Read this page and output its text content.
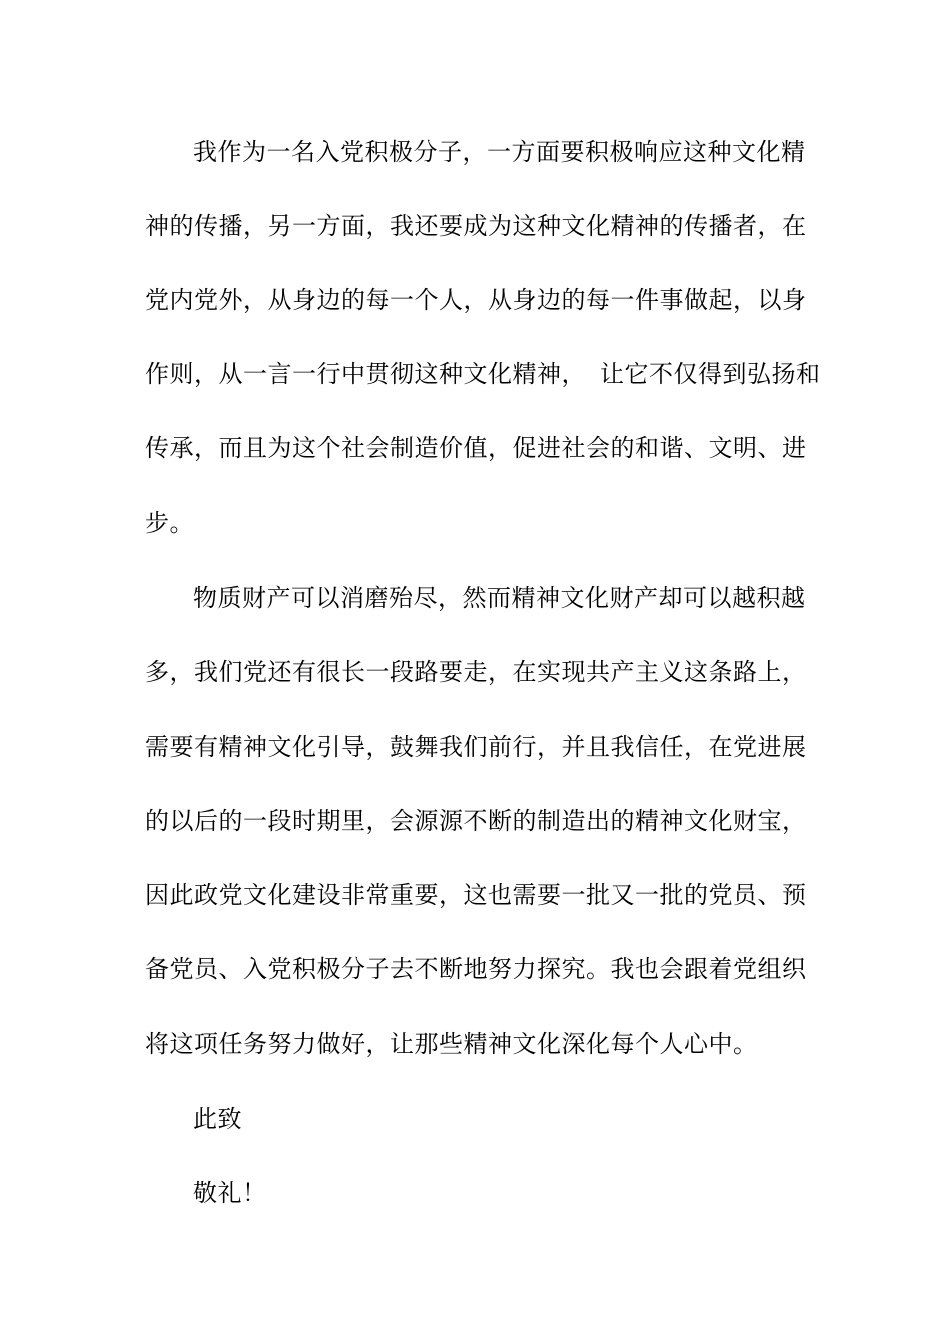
我作为一名入党积极分子，一方面要积极响应这种文化精
神的传播，另一方面，我还要成为这种文化精神的传播者，在
党内党外，从身边的每一个人，从身边的每一件事做起，以身
作则，从一言一行中贯彻这种文化精神， 让它不仅得到弘扬和
传承，而且为这个社会制造价值，促进社会的和谐、文明、进
步。
物质财产可以消磨殆尽，然而精神文化财产却可以越积越
多，我们党还有很长一段路要走，在实现共产主义这条路上，
需要有精神文化引导，鼓舞我们前行，并且我信任，在党进展
的以后的一段时期里，会源源不断的制造出的精神文化财宝，
因此政党文化建设非常重要，这也需要一批又一批的党员、预
备党员、入党积极分子去不断地努力探究。我也会跟着党组织
将这项任务努力做好，让那些精神文化深化每个人心中。
此致
敬礼！
